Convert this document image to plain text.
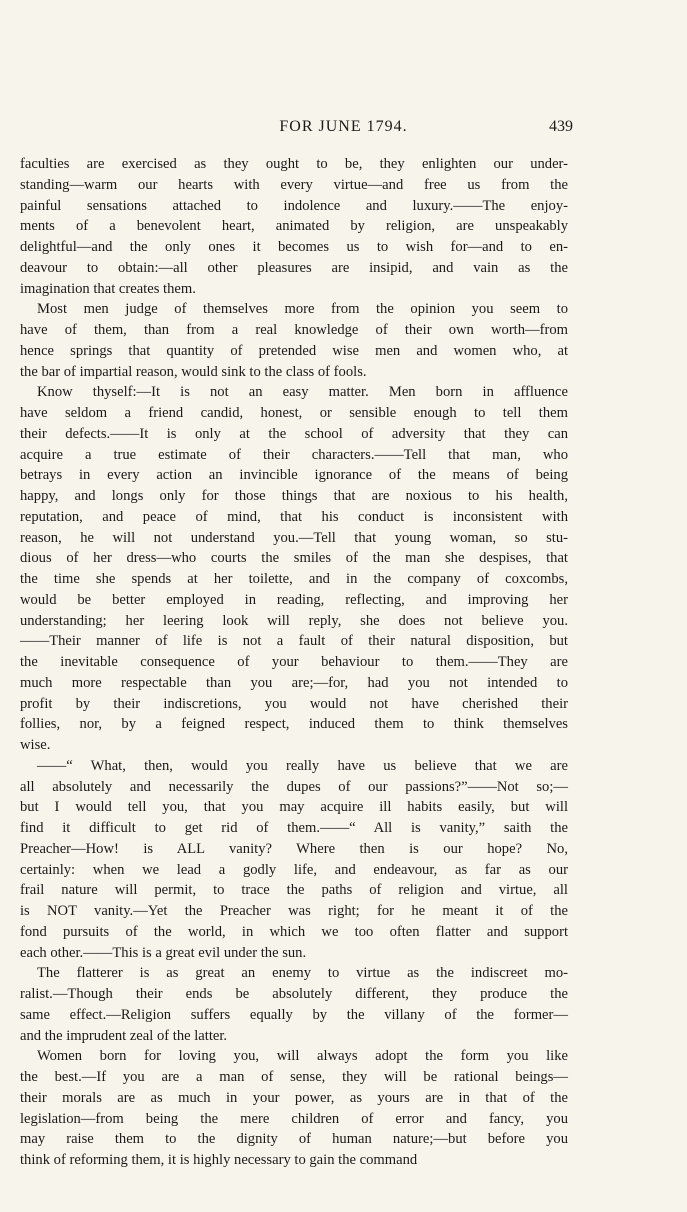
FOR JUNE 1794.	439

faculties are exercised as they ought to be, they enlighten our under-
standing—warm our hearts with every virtue—and free us from the
painful sensations attached to indolence and luxury.——The enjoy-
ments of a benevolent heart, animated by religion, are unspeakably
delightful—and the only ones it becomes us to wish for—and to en-
deavour to obtain:—all other pleasures are insipid, and vain as the
imagination that creates them.

Most men judge of themselves more from the opinion you seem to
have of them, than from a real knowledge of their own worth—from
hence springs that quantity of pretended wise men and women who, at
the bar of impartial reason, would sink to the class of fools.

Know thyself:—It is not an easy matter. Men born in affluence
have seldom a friend candid, honest, or sensible enough to tell them
their defects.——It is only at the school of adversity that they can
acquire a true estimate of their characters.——Tell that man, who
betrays in every action an invincible ignorance of the means of being
happy, and longs only for those things that are noxious to his health,
reputation, and peace of mind, that his conduct is inconsistent with
reason, he will not understand you.—Tell that young woman, so stu-
dious of her dress—who courts the smiles of the man she despises, that
the time she spends at her toilette, and in the company of coxcombs,
would be better employed in reading, reflecting, and improving her
understanding; her leering look will reply, she does not believe you.
——Their manner of life is not a fault of their natural disposition, but
the inevitable consequence of your behaviour to them.——They are
much more respectable than you are;—for, had you not intended to
profit by their indiscretions, you would not have cherished their
follies, nor, by a feigned respect, induced them to think themselves
wise.

——“ What, then, would you really have us believe that we are
all absolutely and necessarily the dupes of our passions?”——Not so;—
but I would tell you, that you may acquire ill habits easily, but will
find it difficult to get rid of them.——“ All is vanity,” saith the
Preacher—How! is ALL vanity? Where then is our hope? No,
certainly: when we lead a godly life, and endeavour, as far as our
frail nature will permit, to trace the paths of religion and virtue, all
is NOT vanity.—Yet the Preacher was right; for he meant it of the
fond pursuits of the world, in which we too often flatter and support
each other.——This is a great evil under the sun.

The flatterer is as great an enemy to virtue as the indiscreet mo-
ralist.—Though their ends be absolutely different, they produce the
same effect.—Religion suffers equally by the villany of the former—
and the imprudent zeal of the latter.

Women born for loving you, will always adopt the form you like
the best.—If you are a man of sense, they will be rational beings—
their morals are as much in your power, as yours are in that of the
legislation—from being the mere children of error and fancy, you
may raise them to the dignity of human nature;—but before you
think of reforming them, it is highly necessary to gain the command
